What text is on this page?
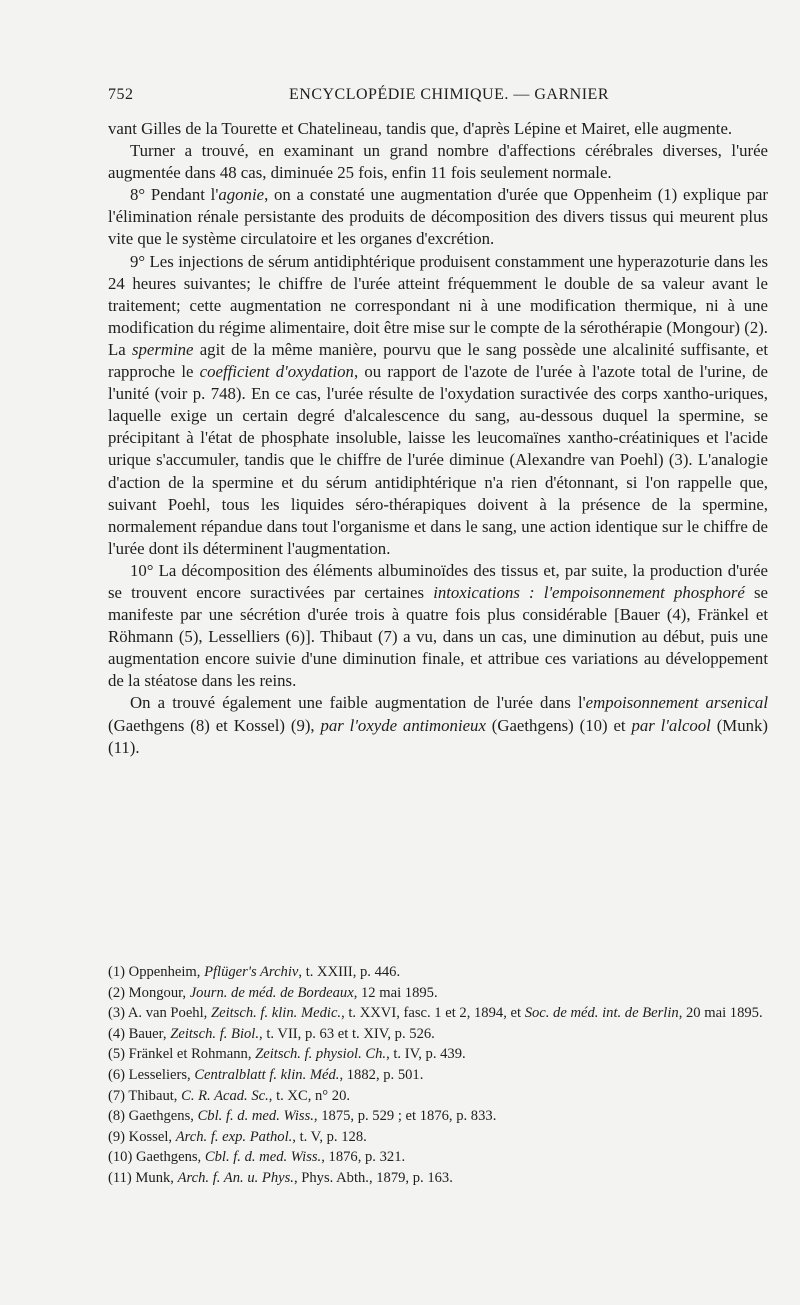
752	ENCYCLOPÉDIE CHIMIQUE. — GARNIER

vant Gilles de la Tourette et Chatelineau, tandis que, d'après Lépine et Mairet, elle augmente.

Turner a trouvé, en examinant un grand nombre d'affections cérébrales diverses, l'urée augmentée dans 48 cas, diminuée 25 fois, enfin 11 fois seulement normale.

8° Pendant l'agonie, on a constaté une augmentation d'urée que Oppenheim (1) explique par l'élimination rénale persistante des produits de décomposition des divers tissus qui meurent plus vite que le système circulatoire et les organes d'excrétion.

9° Les injections de sérum antidiphtérique produisent constamment une hyperazoturie dans les 24 heures suivantes; le chiffre de l'urée atteint fréquemment le double de sa valeur avant le traitement; cette augmentation ne correspondant ni à une modification thermique, ni à une modification du régime alimentaire, doit être mise sur le compte de la sérothérapie (Mongour) (2). La spermine agit de la même manière, pourvu que le sang possède une alcalinité suffisante, et rapproche le coefficient d'oxydation, ou rapport de l'azote de l'urée à l'azote total de l'urine, de l'unité (voir p. 748). En ce cas, l'urée résulte de l'oxydation suractivée des corps xantho-uriques, laquelle exige un certain degré d'alcalescence du sang, au-dessous duquel la spermine, se précipitant à l'état de phosphate insoluble, laisse les leucomaïnes xantho-créatiniques et l'acide urique s'accumuler, tandis que le chiffre de l'urée diminue (Alexandre van Poehl) (3). L'analogie d'action de la spermine et du sérum antidiphtérique n'a rien d'étonnant, si l'on rappelle que, suivant Poehl, tous les liquides séro-thérapiques doivent à la présence de la spermine, normalement répandue dans tout l'organisme et dans le sang, une action identique sur le chiffre de l'urée dont ils déterminent l'augmentation.

10° La décomposition des éléments albuminoïdes des tissus et, par suite, la production d'urée se trouvent encore suractivées par certaines intoxications : l'empoisonnement phosphoré se manifeste par une sécrétion d'urée trois à quatre fois plus considérable [Bauer (4), Fränkel et Röhmann (5), Lesselliers (6)]. Thibaut (7) a vu, dans un cas, une diminution au début, puis une augmentation encore suivie d'une diminution finale, et attribue ces variations au développement de la stéatose dans les reins.

On a trouvé également une faible augmentation de l'urée dans l'empoisonnement arsenical (Gaethgens (8) et Kossel) (9), par l'oxyde antimonieux (Gaethgens) (10) et par l'alcool (Munk) (11).

(1) Oppenheim, Pflüger's Archiv, t. XXIII, p. 446.

(2) Mongour, Journ. de méd. de Bordeaux, 12 mai 1895.

(3) A. van Poehl, Zeitsch. f. klin. Medic., t. XXVI, fasc. 1 et 2, 1894, et Soc. de méd. int. de Berlin, 20 mai 1895.

(4) Bauer, Zeitsch. f. Biol., t. VII, p. 63 et t. XIV, p. 526.

(5) Fränkel et Rohmann, Zeitsch. f. physiol. Ch., t. IV, p. 439.

(6) Lesseliers, Centralblatt f. klin. Méd., 1882, p. 501.

(7) Thibaut, C. R. Acad. Sc., t. XC, n° 20.

(8) Gaethgens, Cbl. f. d. med. Wiss., 1875, p. 529 ; et 1876, p. 833.

(9) Kossel, Arch. f. exp. Pathol., t. V, p. 128.

(10) Gaethgens, Cbl. f. d. med. Wiss., 1876, p. 321.

(11) Munk, Arch. f. An. u. Phys., Phys. Abth., 1879, p. 163.
